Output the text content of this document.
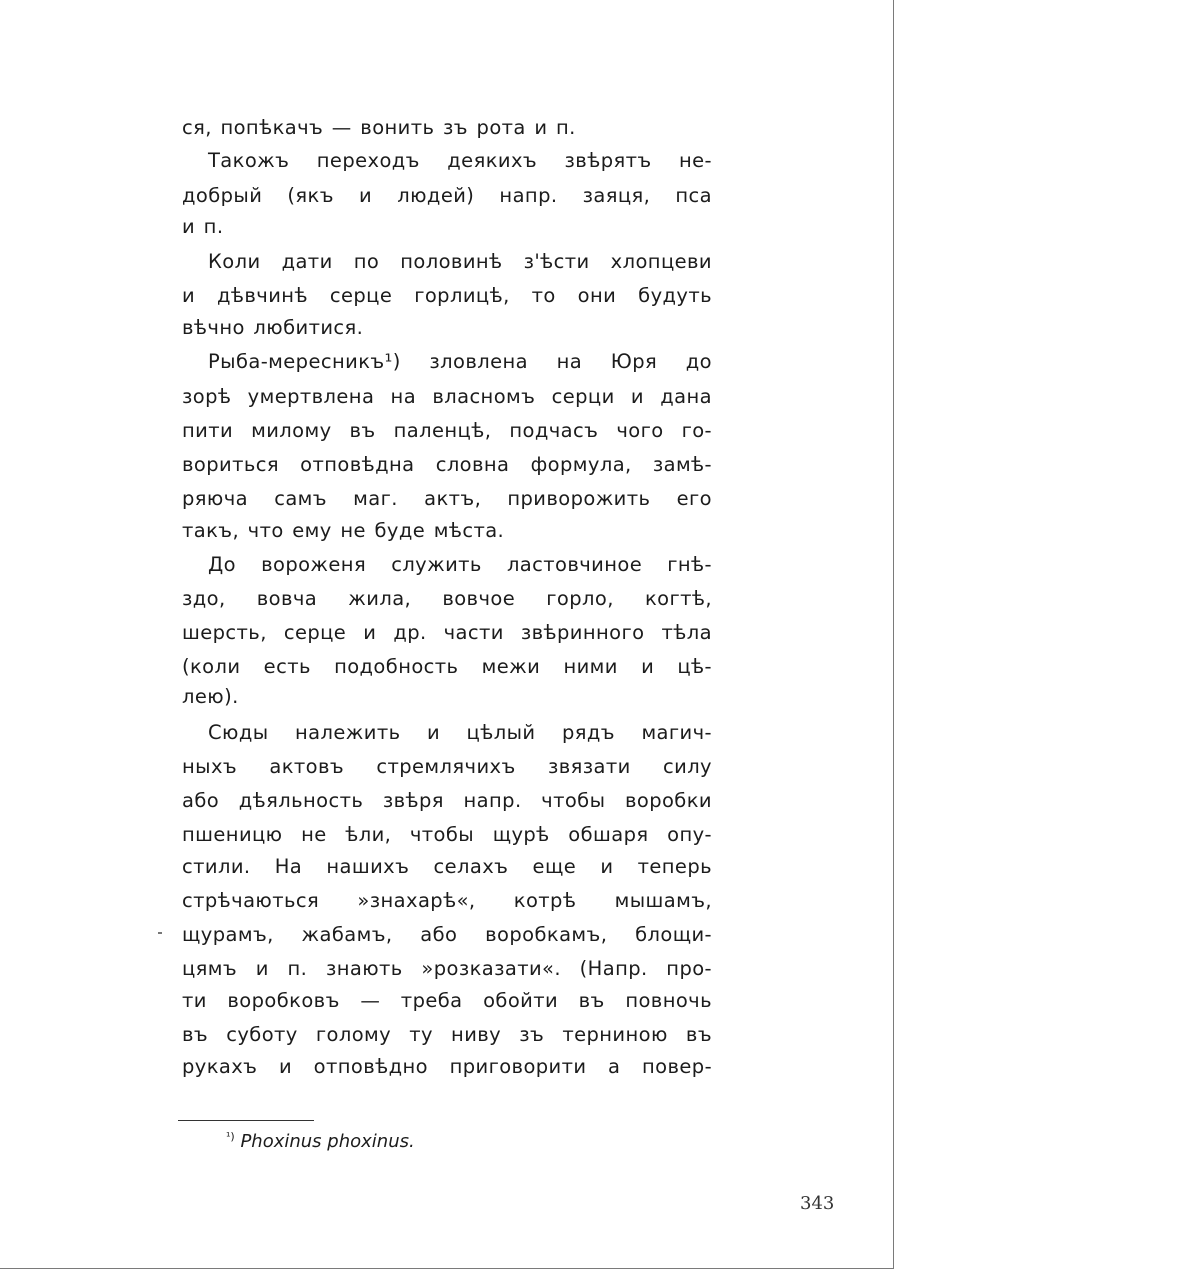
ся, попѣкачъ — вонить зъ рота и п.
Такожъ переходъ деякихъ звѣрятъ не-
добрый (якъ и людей) напр. заяця, пса
и п.
Коли дати по половинѣ з'ѣсти хлопцеви
и дѣвчинѣ серце горлицѣ, то они будуть
вѣчно любитися.
Рыба-мересникъ¹) зловлена на Юря до
зорѣ умертвлена на власномъ серци и дана
пити милому въ паленцѣ, подчасъ чого го-
вориться отповѣдна словна формула, замѣ-
ряюча самъ маг. актъ, приворожить его
такъ, что ему не буде мѣста.
До вороженя служить ластовчиное гнѣ-
здо, вовча жила, вовчое горло, когтѣ,
шерсть, серце и др. части звѣринного тѣла
(коли есть подобность межи ними и цѣ-
лею).
Сюды належить и цѣлый рядъ магич-
ныхъ актовъ стремлячихъ звязати силу
або дѣяльность звѣря напр. чтобы воробки
пшеницю не ѣли, чтобы щурѣ обшаря опу-
стили. На нашихъ селахъ еще и теперь
стрѣчаються »знахарѣ«, котрѣ мышамъ,
щурамъ, жабамъ, або воробкамъ, блощи-
цямъ и п. знають »розказати«. (Напр. про-
ти воробковъ — треба обойти въ повночь
въ суботу голому ту ниву зъ терниною въ
рукахъ и отповѣдно приговорити а повер-
$^{^1)}$ Phoxinus phoxinus.
343
